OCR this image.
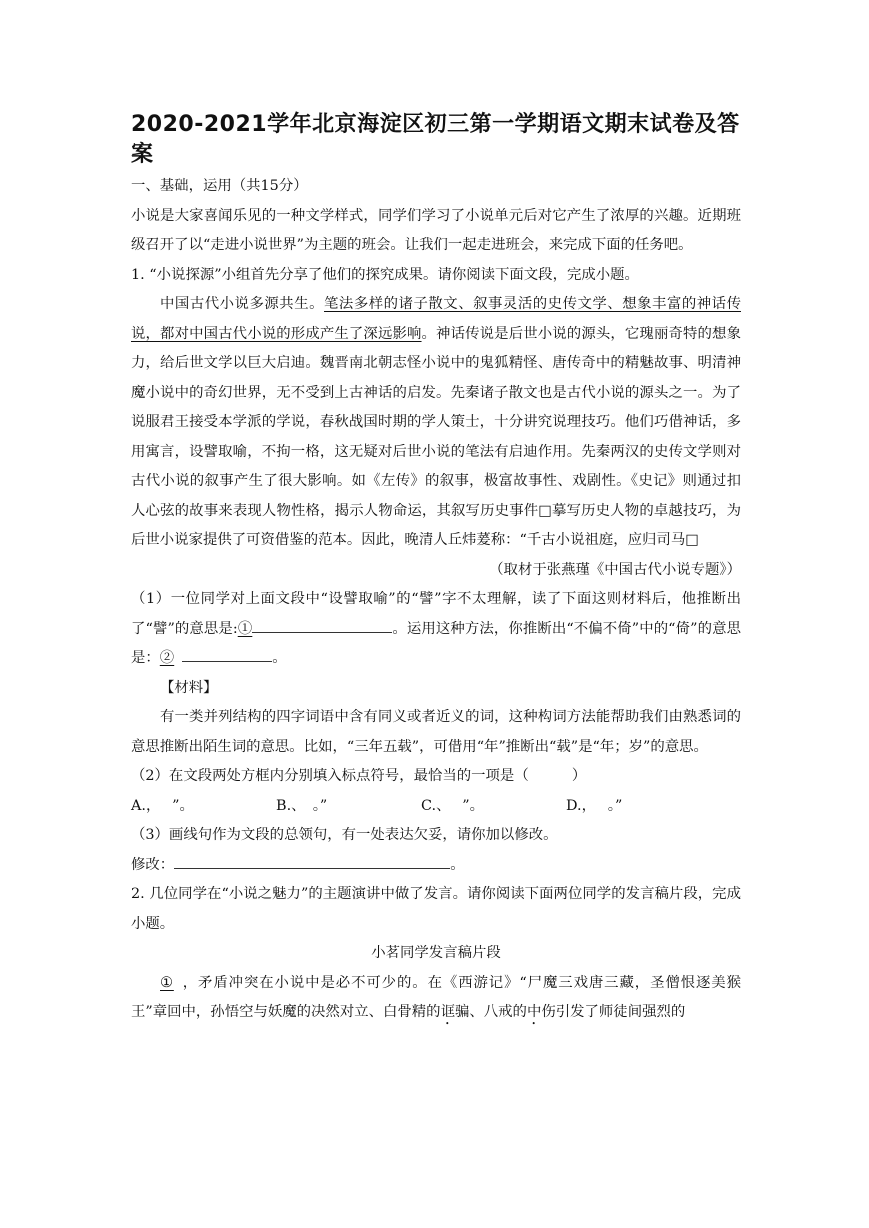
2020-2021学年北京海淀区初三第一学期语文期末试卷及答案

一、基础，运用（共15分）

小说是大家喜闻乐见的一种文学样式，同学们学习了小说单元后对它产生了浓厚的兴趣。近期班级召开了以“走进小说世界”为主题的班会。让我们一起走进班会，来完成下面的任务吧。

1. “小说探源”小组首先分享了他们的探究成果。请你阅读下面文段，完成小题。

中国古代小说多源共生。笔法多样的诸子散文、叙事灵活的史传文学、想象丰富的神话传说，都对中国古代小说的形成产生了深远影响。神话传说是后世小说的源头，它瑰丽奇特的想象力，给后世文学以巨大启迪。魏晋南北朝志怪小说中的鬼狐精怪、唐传奇中的精魅故事、明清神魔小说中的奇幻世界，无不受到上古神话的启发。先秦诸子散文也是古代小说的源头之一。为了说服君王接受本学派的学说，春秋战国时期的学人策士，十分讲究说理技巧。他们巧借神话，多用寓言，设譬取喻，不拘一格，这无疑对后世小说的笔法有启迪作用。先秦两汉的史传文学则对古代小说的叙事产生了很大影响。如《左传》的叙事，极富故事性、戏剧性。《史记》则通过扣人心弦的故事来表现人物性格，揭示人物命运，其叙写历史事件□摹写历史人物的卓越技巧，为后世小说家提供了可资借鉴的范本。因此，晚清人丘炜萲称：“千古小说祖庭，应归司马□

（取材于张燕瑾《中国古代小说专题》）

（1）一位同学对上面文段中“设譬取喻”的“譬”字不太理解，读了下面这则材料后，他推断出了“譬”的意思是:①	。运用这种方法，你推断出“不偏不倚”中的“倚”的意思是：②	。

【材料】

有一类并列结构的四字词语中含有同义或者近义的词，这种构词方法能帮助我们由熟悉词的意思推断出陌生词的意思。比如，“三年五载”，可借用“年”推断出“载”是“年；岁”的意思。

（2）在文段两处方框内分别填入标点符号，最恰当的一项是（　　　）

A.，　 ”。	B.、　。”	C.、　 ”。	D.，　 。”

（3）画线句作为文段的总领句，有一处表达欠妥，请你加以修改。

修改：	。

2. 几位同学在“小说之魅力”的主题演讲中做了发言。请你阅读下面两位同学的发言稿片段，完成小题。

小茗同学发言稿片段

① ，矛盾冲突在小说中是必不可少的。在《西游记》“尸魔三戏唐三藏，圣僧恨逐美猴王”章回中，孙悟空与妖魔的决然对立、白骨精的诓骗、八戒的中伤引发了师徒间强烈的
